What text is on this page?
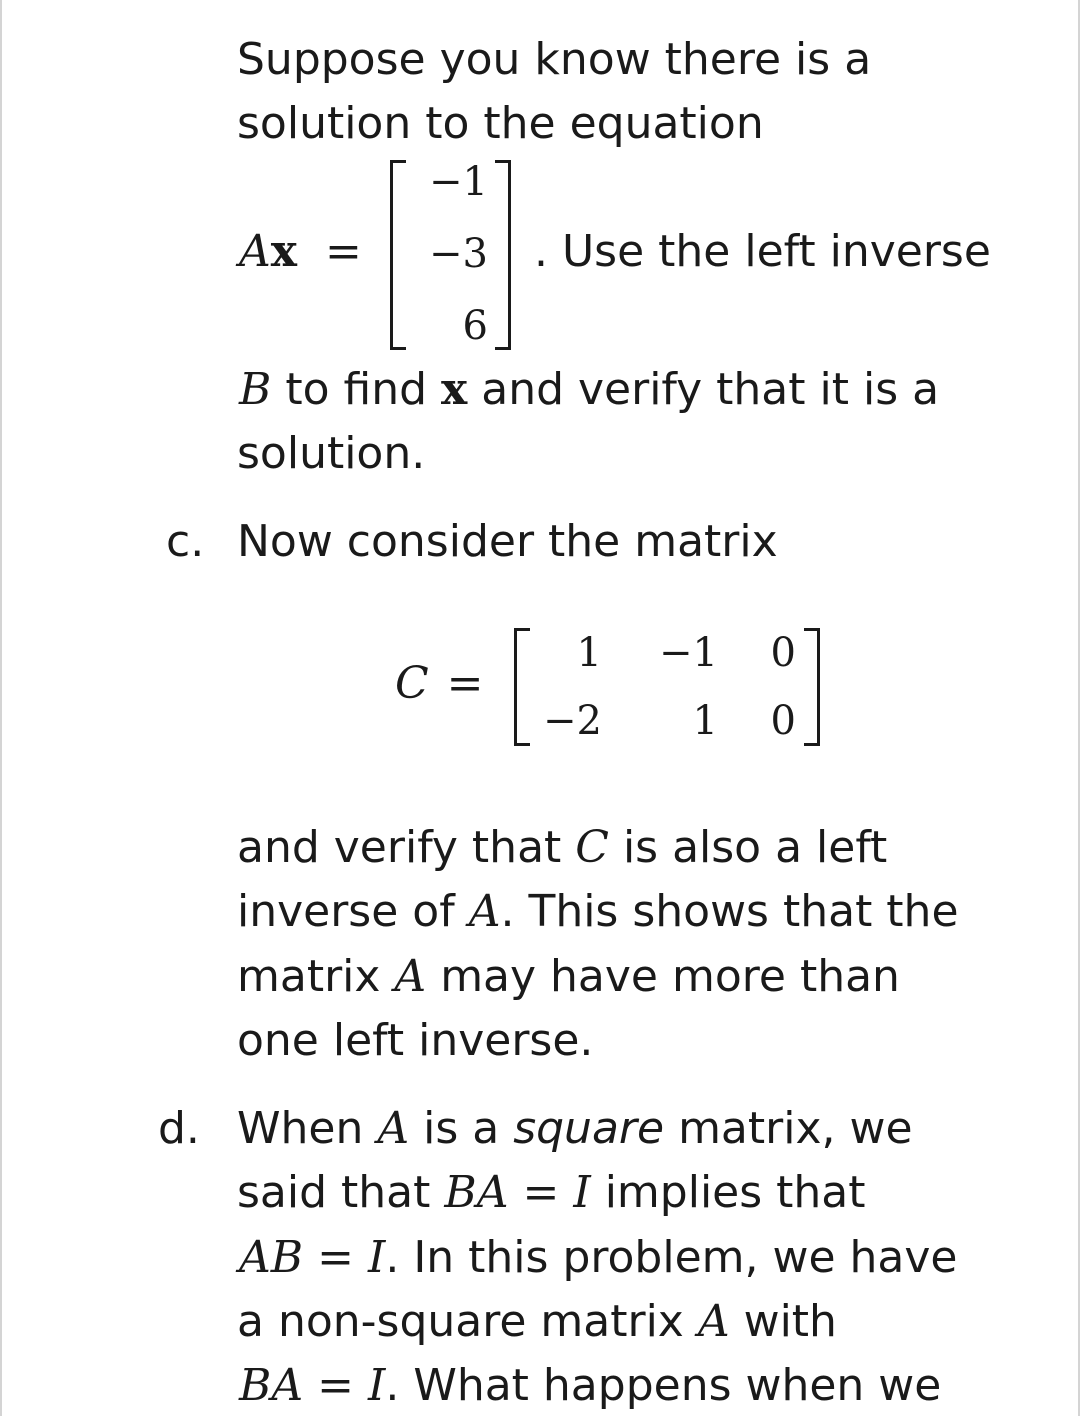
Suppose you know there is a
solution to the equation
Ax =
−1
−3
6
. Use the left inverse
B to find x and verify that it is a
solution.
c. Now consider the matrix
C =
1	−1	0
−2	1	0
and verify that C is also a left
inverse of A. This shows that the
matrix A may have more than
one left inverse.
d. When A is a square matrix, we
said that BA = I implies that
AB = I. In this problem, we have
a non-square matrix A with
BA = I. What happens when we
